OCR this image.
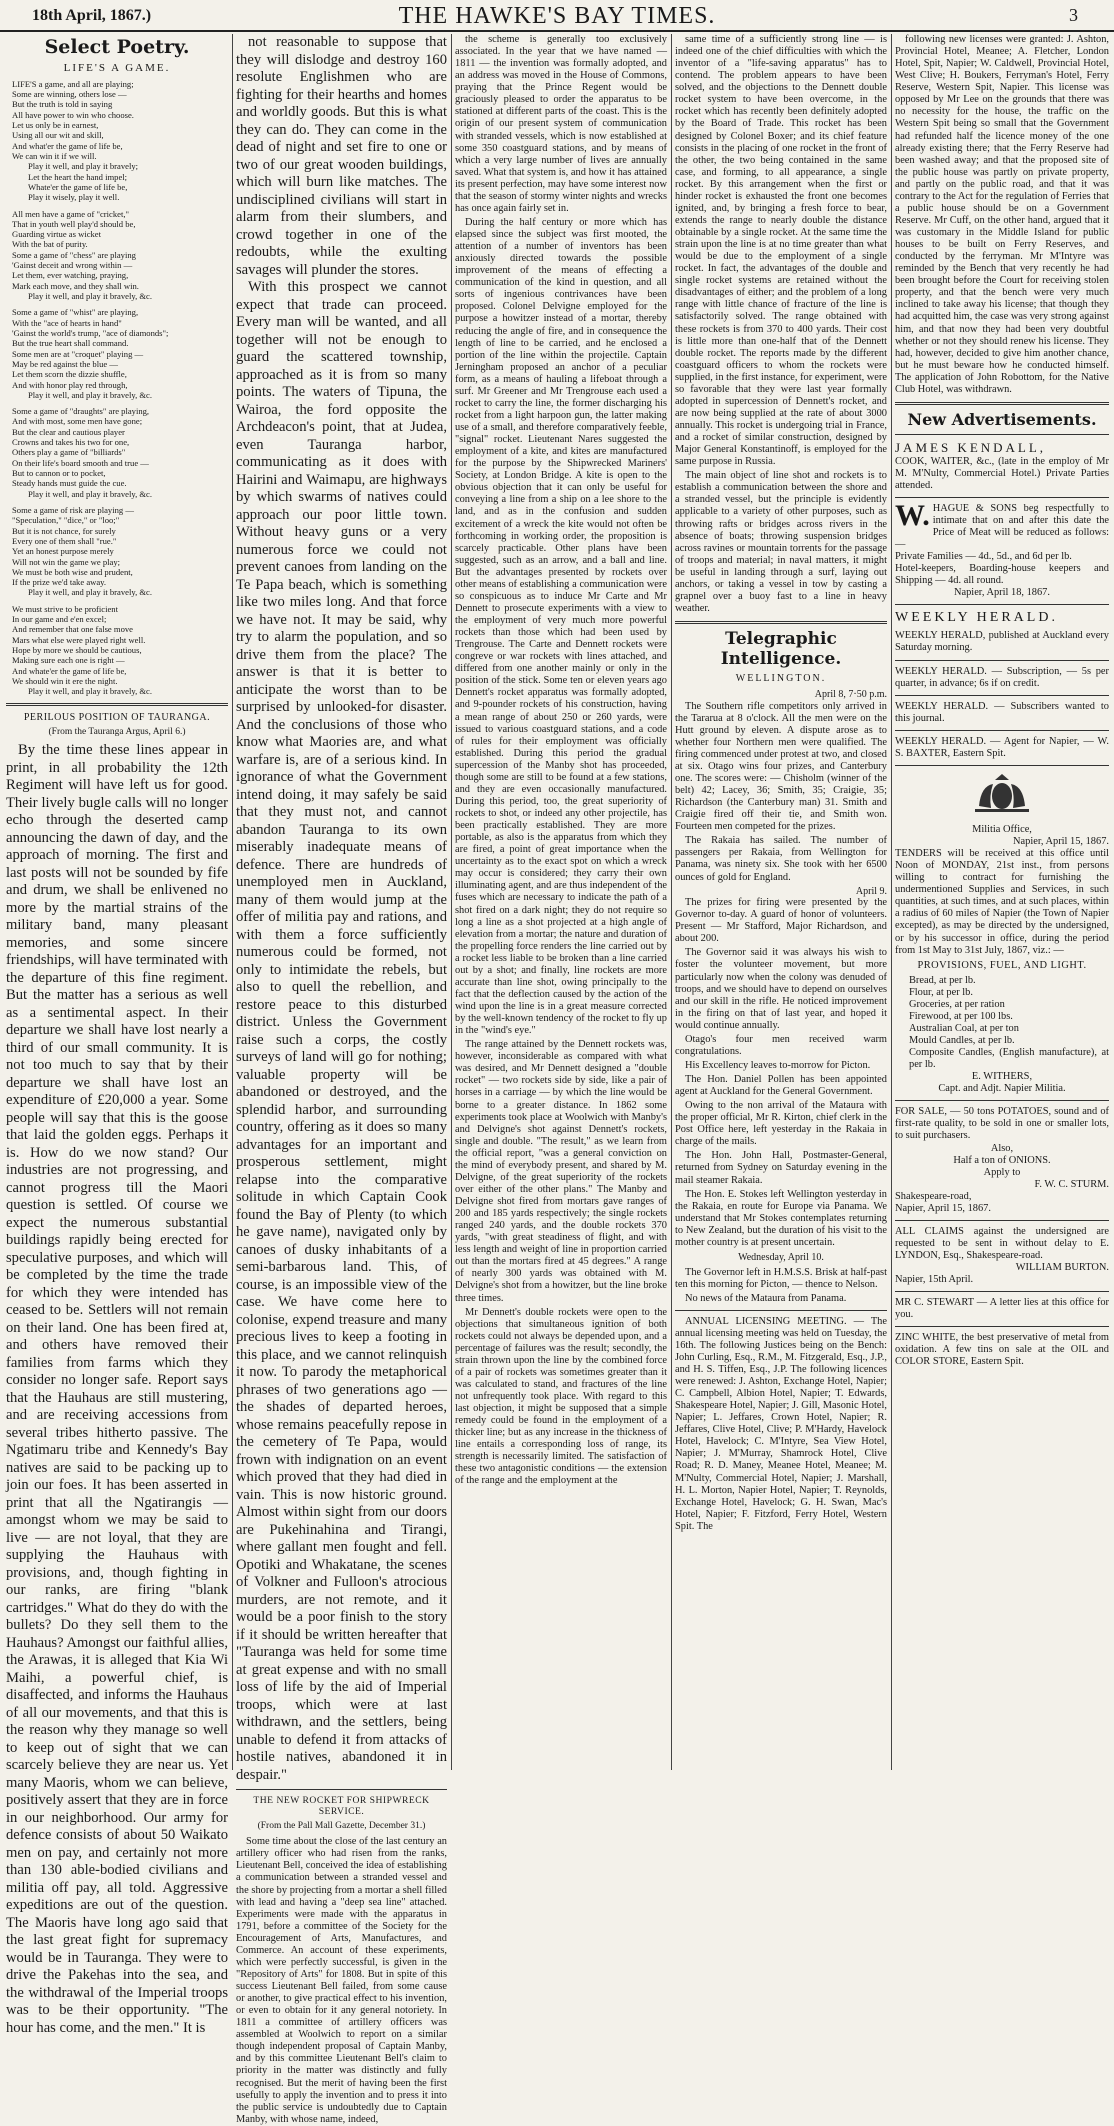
18th April, 1867.)	THE HAWKE'S BAY TIMES.	3
Select Poetry.
LIFE'S A GAME.
LIFE'S a game, and all are playing;
Some are winning, others lose —
But the truth is told in saying
All have power to win who choose.
Let us only be in earnest,
Using all our wit and skill,
And what'er the game of life be,
We can win it if we will.
Play it well, and play it bravely;
Let the heart the hand impel;
Whate'er the game of life be,
Play it wisely, play it well.
All men have a game of "cricket,"
That in youth well play'd should be,
Guarding virtue as wicket
With the bat of purity.
Some a game of "chess" are playing
'Gainst deceit and wrong within —
Let them, ever watching, praying,
Mark each move, and they shall win.
Play it well, and play it bravely, &c.
Some a game of "whist" are playing,
With the "ace of hearts in hand"
'Gainst the world's trump, "ace of diamonds";
But the true heart shall command.
Some men are at "croquet" playing —
May be red against the blue —
Let them scorn the dizzie shuffle,
And with honor play red through,
Play it well, and play it bravely, &c.
Some a game of "draughts" are playing,
And with most, some men have gone;
But the clear and cautious player
Crowns and takes his two for one,
Others play a game of "billiards"
On their life's board smooth and true —
But to cannon or to pocket,
Steady hands must guide the cue.
Play it well, and play it bravely, &c.
Some a game of risk are playing —
"Speculation," "dice," or "loo;"
But it is not chance, for surely
Every one of them shall "rue."
Yet an honest purpose merely
Will not win the game we play;
We must be both wise and prudent,
If the prize we'd take away.
Play it well, and play it bravely, &c.
We must strive to be proficient
In our game and e'en excel;
And remember that one false move
Mars what else were played right well.
Hope by more we should be cautious,
Making sure each one is right —
And whate'er the game of life be,
We should win it ere the night.
Play it well, and play it bravely, &c.
PERILOUS POSITION OF TAURANGA.
(From the Tauranga Argus, April 6.)

By the time these lines appear in print, in all probability the 12th Regiment will have left us for good. Their lively bugle calls will no longer echo through the deserted camp announcing the dawn of day, and the approach of morning. The first and last posts will not be sounded by fife and drum, we shall be enlivened no more by the martial strains of the military band, many pleasant memories, and some sincere friendships, will have terminated with the departure of this fine regiment. But the matter has a serious as well as a sentimental aspect. In their departure we shall have lost nearly a third of our small community. It is not too much to say that by their departure we shall have lost an expenditure of £20,000 a year. Some people will say that this is the goose that laid the golden eggs. Perhaps it is. How do we now stand? Our industries are not progressing, and cannot progress till the Maori question is settled. Of course we expect the numerous substantial buildings rapidly being erected for speculative purposes, and which will be completed by the time the trade for which they were intended has ceased to be. Settlers will not remain on their land. One has been fired at, and others have removed their families from farms which they consider no longer safe. Report says that the Hauhaus are still mustering, and are receiving accessions from several tribes hitherto passive. The Ngatimaru tribe and Kennedy's Bay natives are said to be packing up to join our foes. It has been asserted in print that all the Ngatirangis — amongst whom we may be said to live — are not loyal, that they are supplying the Hauhaus with provisions, and, though fighting in our ranks, are firing "blank cartridges." What do they do with the bullets? Do they sell them to the Hauhaus? Amongst our faithful allies, the Arawas, it is alleged that Kia Wi Maihi, a powerful chief, is disaffected, and informs the Hauhaus of all our movements, and that this is the reason why they manage so well to keep out of sight that we can scarcely believe they are near us. Yet many Maoris, whom we can believe, positively assert that they are in force in our neighborhood. Our army for defence consists of about 50 Waikato men on pay, and certainly not more than 130 able-bodied civilians and militia off pay, all told. Aggressive expeditions are out of the question. The Maoris have long ago said that the last great fight for supremacy would be in Tauranga. They were to drive the Pakehas into the sea, and the withdrawal of the Imperial troops was to be their opportunity. "The hour has come, and the men." It is

not reasonable to suppose that they will dislodge and destroy 160 resolute Englishmen who are fighting for their hearths and homes and worldly goods. But this is what they can do. They can come in the dead of night and set fire to one or two of our great wooden buildings, which will burn like matches. The undisciplined civilians will start in alarm from their slumbers, and crowd together in one of the redoubts, while the exulting savages will plunder the stores.

With this prospect we cannot expect that trade can proceed. Every man will be wanted, and all together will not be enough to guard the scattered township, approached as it is from so many points. The waters of Tipuna, the Wairoa, the ford opposite the Archdeacon's point, that at Judea, even Tauranga harbor, communicating as it does with Hairini and Waimapu, are highways by which swarms of natives could approach our poor little town. Without heavy guns or a very numerous force we could not prevent canoes from landing on the Te Papa beach, which is something like two miles long. And that force we have not. It may be said, why try to alarm the population, and so drive them from the place? The answer is that it is better to anticipate the worst than to be surprised by unlooked-for disaster. And the conclusions of those who know what Maories are, and what warfare is, are of a serious kind. In ignorance of what the Government intend doing, it may safely be said that they must not, and cannot abandon Tauranga to its own miserably inadequate means of defence. There are hundreds of unemployed men in Auckland, many of them would jump at the offer of militia pay and rations, and with them a force sufficiently numerous could be formed, not only to intimidate the rebels, but also to quell the rebellion, and restore peace to this disturbed district. Unless the Government raise such a corps, the costly surveys of land will go for nothing; valuable property will be abandoned or destroyed, and the splendid harbor, and surrounding country, offering as it does so many advantages for an important and prosperous settlement, might relapse into the comparative solitude in which Captain Cook found the Bay of Plenty (to which he gave name), navigated only by canoes of dusky inhabitants of a semi-barbarous land. This, of course, is an impossible view of the case. We have come here to colonise, expend treasure and many precious lives to keep a footing in this place, and we cannot relinquish it now. To parody the metaphorical phrases of two generations ago — the shades of departed heroes, whose remains peacefully repose in the cemetery of Te Papa, would frown with indignation on an event which proved that they had died in vain. This is now historic ground. Almost within sight from our doors are Pukehinahina and Tirangi, where gallant men fought and fell. Opotiki and Whakatane, the scenes of Volkner and Fulloon's atrocious murders, are not remote, and it would be a poor finish to the story if it should be written hereafter that "Tauranga was held for some time at great expense and with no small loss of life by the aid of Imperial troops, which were at last withdrawn, and the settlers, being unable to defend it from attacks of hostile natives, abandoned it in despair."

THE NEW ROCKET FOR SHIPWRECK SERVICE.
(From the Pall Mall Gazette, December 31.)

Some time about the close of the last century an artillery officer who had risen from the ranks, Lieutenant Bell, conceived the idea of establishing a communication between a stranded vessel and the shore by projecting from a mortar a shell filled with lead and having a "deep sea line" attached. Experiments were made with the apparatus in 1791, before a committee of the Society for the Encouragement of Arts, Manufactures, and Commerce. An account of these experiments, which were perfectly successful, is given in the "Repository of Arts" for 1808. But in spite of this success Lieutenant Bell failed, from some cause or another, to give practical effect to his invention, or even to obtain for it any general notoriety. In 1811 a committee of artillery officers was assembled at Woolwich to report on a similar though independent proposal of Captain Manby, and by this committee Lieutenant Bell's claim to priority in the matter was distinctly and fully recognised. But the merit of having been the first usefully to apply the invention and to press it into the public service is undoubtedly due to Captain Manby, with whose name, indeed,

the scheme is generally too exclusively associated. In the year that we have named — 1811 — the invention was formally adopted, and an address was moved in the House of Commons, praying that the Prince Regent would be graciously pleased to order the apparatus to be stationed at different parts of the coast. This is the origin of our present system of communication with stranded vessels, which is now established at some 350 coastguard stations, and by means of which a very large number of lives are annually saved. What that system is, and how it has attained its present perfection, may have some interest now that the season of stormy winter nights and wrecks has once again fairly set in.

During the half century or more which has elapsed since the subject was first mooted, the attention of a number of inventors has been anxiously directed towards the possible improvement of the means of effecting a communication of the kind in question, and all sorts of ingenious contrivances have been proposed. Colonel Delvigne employed for the purpose a howitzer instead of a mortar, thereby reducing the angle of fire, and in consequence the length of line to be carried, and he enclosed a portion of the line within the projectile. Captain Jerningham proposed an anchor of a peculiar form, as a means of hauling a lifeboat through a surf. Mr Greener and Mr Trengrouse each used a rocket to carry the line, the former discharging his rocket from a light harpoon gun, the latter making use of a small, and therefore comparatively feeble, "signal" rocket. Lieutenant Nares suggested the employment of a kite, and kites are manufactured for the purpose by the Shipwrecked Mariners' Society, at London Bridge. A kite is open to the obvious objection that it can only be useful for conveying a line from a ship on a lee shore to the land, and as in the confusion and sudden excitement of a wreck the kite would not often be forthcoming in working order, the proposition is scarcely practicable. Other plans have been suggested, such as an arrow, and a ball and line. But the advantages presented by rockets over other means of establishing a communication were so conspicuous as to induce Mr Carte and Mr Dennett to prosecute experiments with a view to the employment of very much more powerful rockets than those which had been used by Trengrouse. The Carte and Dennett rockets were congreve or war rockets with lines attached, and differed from one another mainly or only in the position of the stick. Some ten or eleven years ago Dennett's rocket apparatus was formally adopted, and 9-pounder rockets of his construction, having a mean range of about 250 or 260 yards, were issued to various coastguard stations, and a code of rules for their employment was officially established. During this period the gradual supercession of the Manby shot has proceeded, though some are still to be found at a few stations, and they are even occasionally manufactured. During this period, too, the great superiority of rockets to shot, or indeed any other projectile, has been practically established. They are more portable, as also is the apparatus from which they are fired, a point of great importance when the uncertainty as to the exact spot on which a wreck may occur is considered; they carry their own illuminating agent, and are thus independent of the fuses which are necessary to indicate the path of a shot fired on a dark night; they do not require so long a line as a shot projected at a high angle of elevation from a mortar; the nature and duration of the propelling force renders the line carried out by a rocket less liable to be broken than a line carried out by a shot; and finally, line rockets are more accurate than line shot, owing principally to the fact that the deflection caused by the action of the wind upon the line is in a great measure corrected by the well-known tendency of the rocket to fly up in the "wind's eye."

The range attained by the Dennett rockets was, however, inconsiderable as compared with what was desired, and Mr Dennett designed a "double rocket" — two rockets side by side, like a pair of horses in a carriage — by which the line would be borne to a greater distance. In 1862 some experiments took place at Woolwich with Manby's and Delvigne's shot against Dennett's rockets, single and double. "The result," as we learn from the official report, "was a general conviction on the mind of everybody present, and shared by M. Delvigne, of the great superiority of the rockets over either of the other plans." The Manby and Delvigne shot fired from mortars gave ranges of 200 and 185 yards respectively; the single rockets ranged 240 yards, and the double rockets 370 yards, "with great steadiness of flight, and with less length and weight of line in proportion carried out than the mortars fired at 45 degrees." A range of nearly 300 yards was obtained with M. Delvigne's shot from a howitzer, but the line broke three times.

Mr Dennett's double rockets were open to the objections that simultaneous ignition of both rockets could not always be depended upon, and a percentage of failures was the result; secondly, the strain thrown upon the line by the combined force of a pair of rockets was sometimes greater than it was calculated to stand, and fractures of the line not unfrequently took place. With regard to this last objection, it might be supposed that a simple remedy could be found in the employment of a thicker line; but as any increase in the thickness of line entails a corresponding loss of range, its strength is necessarily limited. The satisfaction of these two antagonistic conditions — the extension of the range and the employment at the

same time of a sufficiently strong line — is indeed one of the chief difficulties with which the inventor of a "life-saving apparatus" has to contend. The problem appears to have been solved, and the objections to the Dennett double rocket system to have been overcome, in the rocket which has recently been definitely adopted by the Board of Trade. This rocket has been designed by Colonel Boxer; and its chief feature consists in the placing of one rocket in the front of the other, the two being contained in the same case, and forming, to all appearance, a single rocket. By this arrangement when the first or hinder rocket is exhausted the front one becomes ignited, and, by bringing a fresh force to bear, extends the range to nearly double the distance obtainable by a single rocket. At the same time the strain upon the line is at no time greater than what would be due to the employment of a single rocket. In fact, the advantages of the double and single rocket systems are retained without the disadvantages of either; and the problem of a long range with little chance of fracture of the line is satisfactorily solved. The range obtained with these rockets is from 370 to 400 yards. Their cost is little more than one-half that of the Dennett double rocket. The reports made by the different coastguard officers to whom the rockets were supplied, in the first instance, for experiment, were so favorable that they were last year formally adopted in supercession of Dennett's rocket, and are now being supplied at the rate of about 3000 annually. This rocket is undergoing trial in France, and a rocket of similar construction, designed by Major General Konstantinoff, is employed for the same purpose in Russia.

The main object of line shot and rockets is to establish a communication between the shore and a stranded vessel, but the principle is evidently applicable to a variety of other purposes, such as throwing rafts or bridges across rivers in the absence of boats; throwing suspension bridges across ravines or mountain torrents for the passage of troops and material; in naval matters, it might be useful in landing through a surf, laying out anchors, or taking a vessel in tow by casting a grapnel over a buoy fast to a line in heavy weather.

Telegraphic Intelligence.
WELLINGTON.
April 8, 7·50 p.m.

The Southern rifle competitors only arrived in the Tararua at 8 o'clock. All the men were on the Hutt ground by eleven. A dispute arose as to whether four Northern men were qualified. The firing commenced under protest at two, and closed at six. Otago wins four prizes, and Canterbury one. The scores were: — Chisholm (winner of the belt) 42; Lacey, 36; Smith, 35; Craigie, 35; Richardson (the Canterbury man) 31. Smith and Craigie fired off their tie, and Smith won. Fourteen men competed for the prizes.

The Rakaia has sailed. The number of passengers per Rakaia, from Wellington for Panama, was ninety six. She took with her 6500 ounces of gold for England.

April 9.

The prizes for firing were presented by the Governor to-day. A guard of honor of volunteers. Present — Mr Stafford, Major Richardson, and about 200.

The Governor said it was always his wish to foster the volunteer movement, but more particularly now when the colony was denuded of troops, and we should have to depend on ourselves and our skill in the rifle. He noticed improvement in the firing on that of last year, and hoped it would continue annually.

Otago's four men received warm congratulations.

His Excellency leaves to-morrow for Picton.

The Hon. Daniel Pollen has been appointed agent at Auckland for the General Government.

Owing to the non arrival of the Mataura with the proper official, Mr R. Kirton, chief clerk in the Post Office here, left yesterday in the Rakaia in charge of the mails.

The Hon. John Hall, Postmaster-General, returned from Sydney on Saturday evening in the mail steamer Rakaia.

The Hon. E. Stokes left Wellington yesterday in the Rakaia, en route for Europe via Panama. We understand that Mr Stokes contemplates returning to New Zealand, but the duration of his visit to the mother country is at present uncertain.

Wednesday, April 10.

The Governor left in H.M.S.S. Brisk at half-past ten this morning for Picton, — thence to Nelson.

No news of the Mataura from Panama.

ANNUAL LICENSING MEETING. — The annual licensing meeting was held on Tuesday, the 16th. The following Justices being on the Bench: John Curling, Esq., R.M., M. Fitzgerald, Esq., J.P., and H. S. Tiffen, Esq., J.P. The following licences were renewed: J. Ashton, Exchange Hotel, Napier; C. Campbell, Albion Hotel, Napier; T. Edwards, Shakespeare Hotel, Napier; J. Gill, Masonic Hotel, Napier; L. Jeffares, Crown Hotel, Napier; R. Jeffares, Clive Hotel, Clive; P. M'Hardy, Havelock Hotel, Havelock; C. M'Intyre, Sea View Hotel, Napier; J. M'Murray, Shamrock Hotel, Clive Road; R. D. Maney, Meanee Hotel, Meanee; M. M'Nulty, Commercial Hotel, Napier; J. Marshall, H. L. Morton, Napier Hotel, Napier; T. Reynolds, Exchange Hotel, Havelock; G. H. Swan, Mac's Hotel, Napier; F. Fitzford, Ferry Hotel, Western Spit. The

following new licenses were granted: J. Ashton, Provincial Hotel, Meanee; A. Fletcher, London Hotel, Spit, Napier; W. Caldwell, Provincial Hotel, West Clive; H. Boukers, Ferryman's Hotel, Ferry Reserve, Western Spit, Napier. This license was opposed by Mr Lee on the grounds that there was no necessity for the house, the traffic on the Western Spit being so small that the Government had refunded half the licence money of the one already existing there; that the Ferry Reserve had been washed away; and that the proposed site of the public house was partly on private property, and partly on the public road, and that it was contrary to the Act for the regulation of Ferries that a public house should be on a Government Reserve. Mr Cuff, on the other hand, argued that it was customary in the Middle Island for public houses to be built on Ferry Reserves, and conducted by the ferryman. Mr M'Intyre was reminded by the Bench that very recently he had been brought before the Court for receiving stolen property, and that the bench were very much inclined to take away his license; that though they had acquitted him, the case was very strong against him, and that now they had been very doubtful whether or not they should renew his license. They had, however, decided to give him another chance, but he must beware how he conducted himself. The application of John Robottom, for the Native Club Hotel, was withdrawn.

New Advertisements.
JAMES KENDALL,
COOK, WAITER, &c., (late in the employ of Mr M. M'Nulty, Commercial Hotel.) Private Parties attended.
W. HAGUE & SONS beg respectfully to intimate that on and after this date the Price of Meat will be reduced as follows: —
Private Families — 4d., 5d., and 6d per lb.
Hotel-keepers, Boarding-house keepers and Shipping — 4d. all round.
Napier, April 18, 1867.
WEEKLY HERALD.
WEEKLY HERALD, published at Auckland every Saturday morning.
WEEKLY HERALD. — Subscription, — 5s per quarter, in advance; 6s if on credit.
WEEKLY HERALD. — Subscribers wanted to this journal.
WEEKLY HERALD. — Agent for Napier, — W. S. BAXTER, Eastern Spit.
Militia Office,
Napier, April 15, 1867.
TENDERS will be received at this office until Noon of MONDAY, 21st inst., from persons willing to contract for furnishing the undermentioned Supplies and Services, in such quantities, at such times, and at such places, within a radius of 60 miles of Napier (the Town of Napier excepted), as may be directed by the undersigned, or by his successor in office, during the period from 1st May to 31st July, 1867, viz.: —
PROVISIONS, FUEL, AND LIGHT.
Bread, at per lb.
Flour, at per lb.
Groceries, at per ration
Firewood, at per 100 lbs.
Australian Coal, at per ton
Mould Candles, at per lb.
Composite Candles, (English manufacture), at per lb.
E. WITHERS,
Capt. and Adjt. Napier Militia.
FOR SALE, — 50 tons POTATOES, sound and of first-rate quality, to be sold in one or smaller lots, to suit purchasers.
Also,
Half a ton of ONIONS.
Apply to
F. W. C. STURM.
Shakespeare-road,
Napier, April 15, 1867.
ALL CLAIMS against the undersigned are requested to be sent in without delay to E. LYNDON, Esq., Shakespeare-road.
WILLIAM BURTON.
Napier, 15th April.
MR C. STEWART — A letter lies at this office for you.
ZINC WHITE, the best preservative of metal from oxidation. A few tins on sale at the OIL and COLOR STORE, Eastern Spit.
